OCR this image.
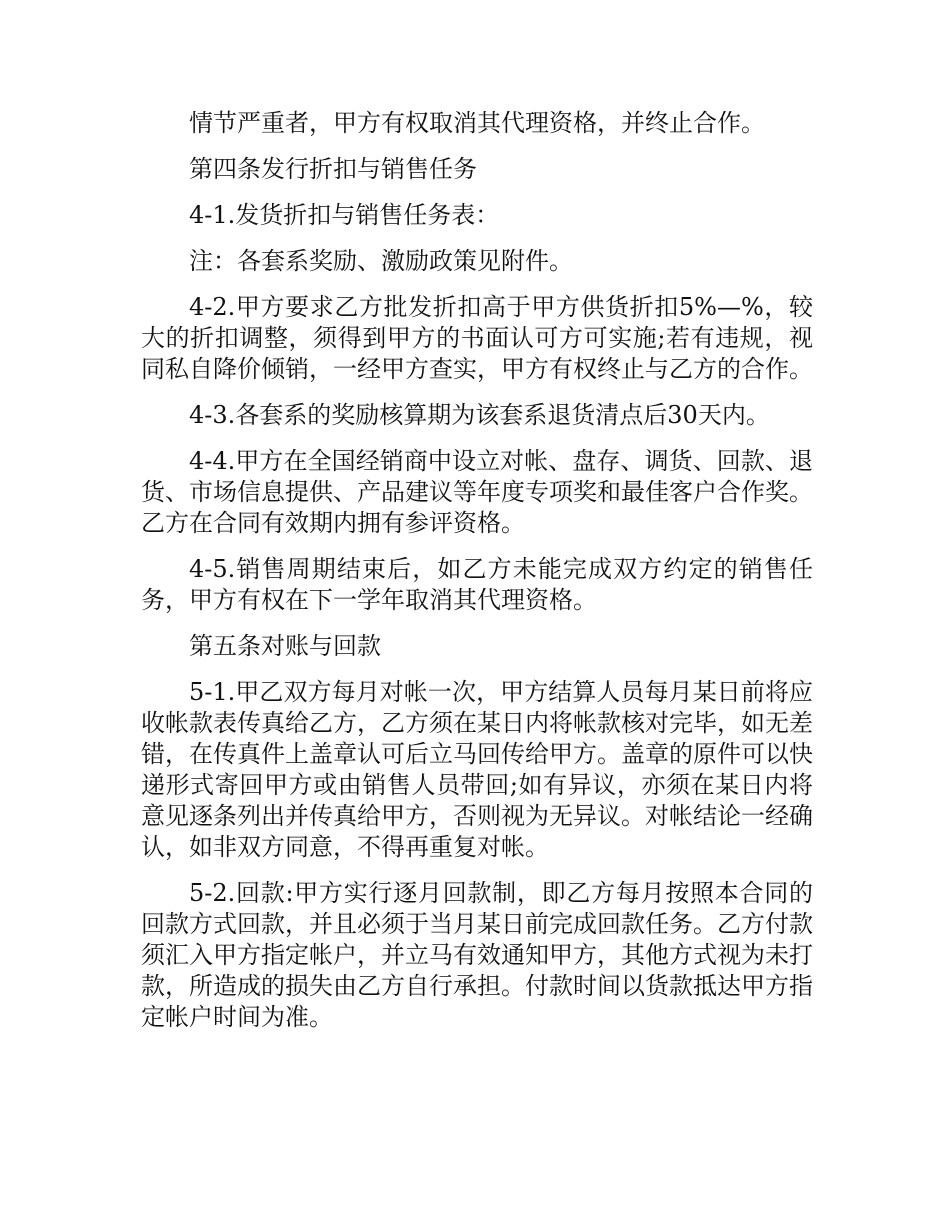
情节严重者，甲方有权取消其代理资格，并终止合作。

第四条发行折扣与销售任务

4-1.发货折扣与销售任务表：

注：各套系奖励、激励政策见附件。

4-2.甲方要求乙方批发折扣高于甲方供货折扣5%—%，较大的折扣调整，须得到甲方的书面认可方可实施;若有违规，视同私自降价倾销，一经甲方查实，甲方有权终止与乙方的合作。

4-3.各套系的奖励核算期为该套系退货清点后30天内。

4-4.甲方在全国经销商中设立对帐、盘存、调货、回款、退货、市场信息提供、产品建议等年度专项奖和最佳客户合作奖。乙方在合同有效期内拥有参评资格。

4-5.销售周期结束后，如乙方未能完成双方约定的销售任务，甲方有权在下一学年取消其代理资格。

第五条对账与回款

5-1.甲乙双方每月对帐一次，甲方结算人员每月某日前将应收帐款表传真给乙方，乙方须在某日内将帐款核对完毕，如无差错，在传真件上盖章认可后立马回传给甲方。盖章的原件可以快递形式寄回甲方或由销售人员带回;如有异议，亦须在某日内将意见逐条列出并传真给甲方，否则视为无异议。对帐结论一经确认，如非双方同意，不得再重复对帐。

5-2.回款:甲方实行逐月回款制，即乙方每月按照本合同的回款方式回款，并且必须于当月某日前完成回款任务。乙方付款须汇入甲方指定帐户，并立马有效通知甲方，其他方式视为未打款，所造成的损失由乙方自行承担。付款时间以货款抵达甲方指定帐户时间为准。
